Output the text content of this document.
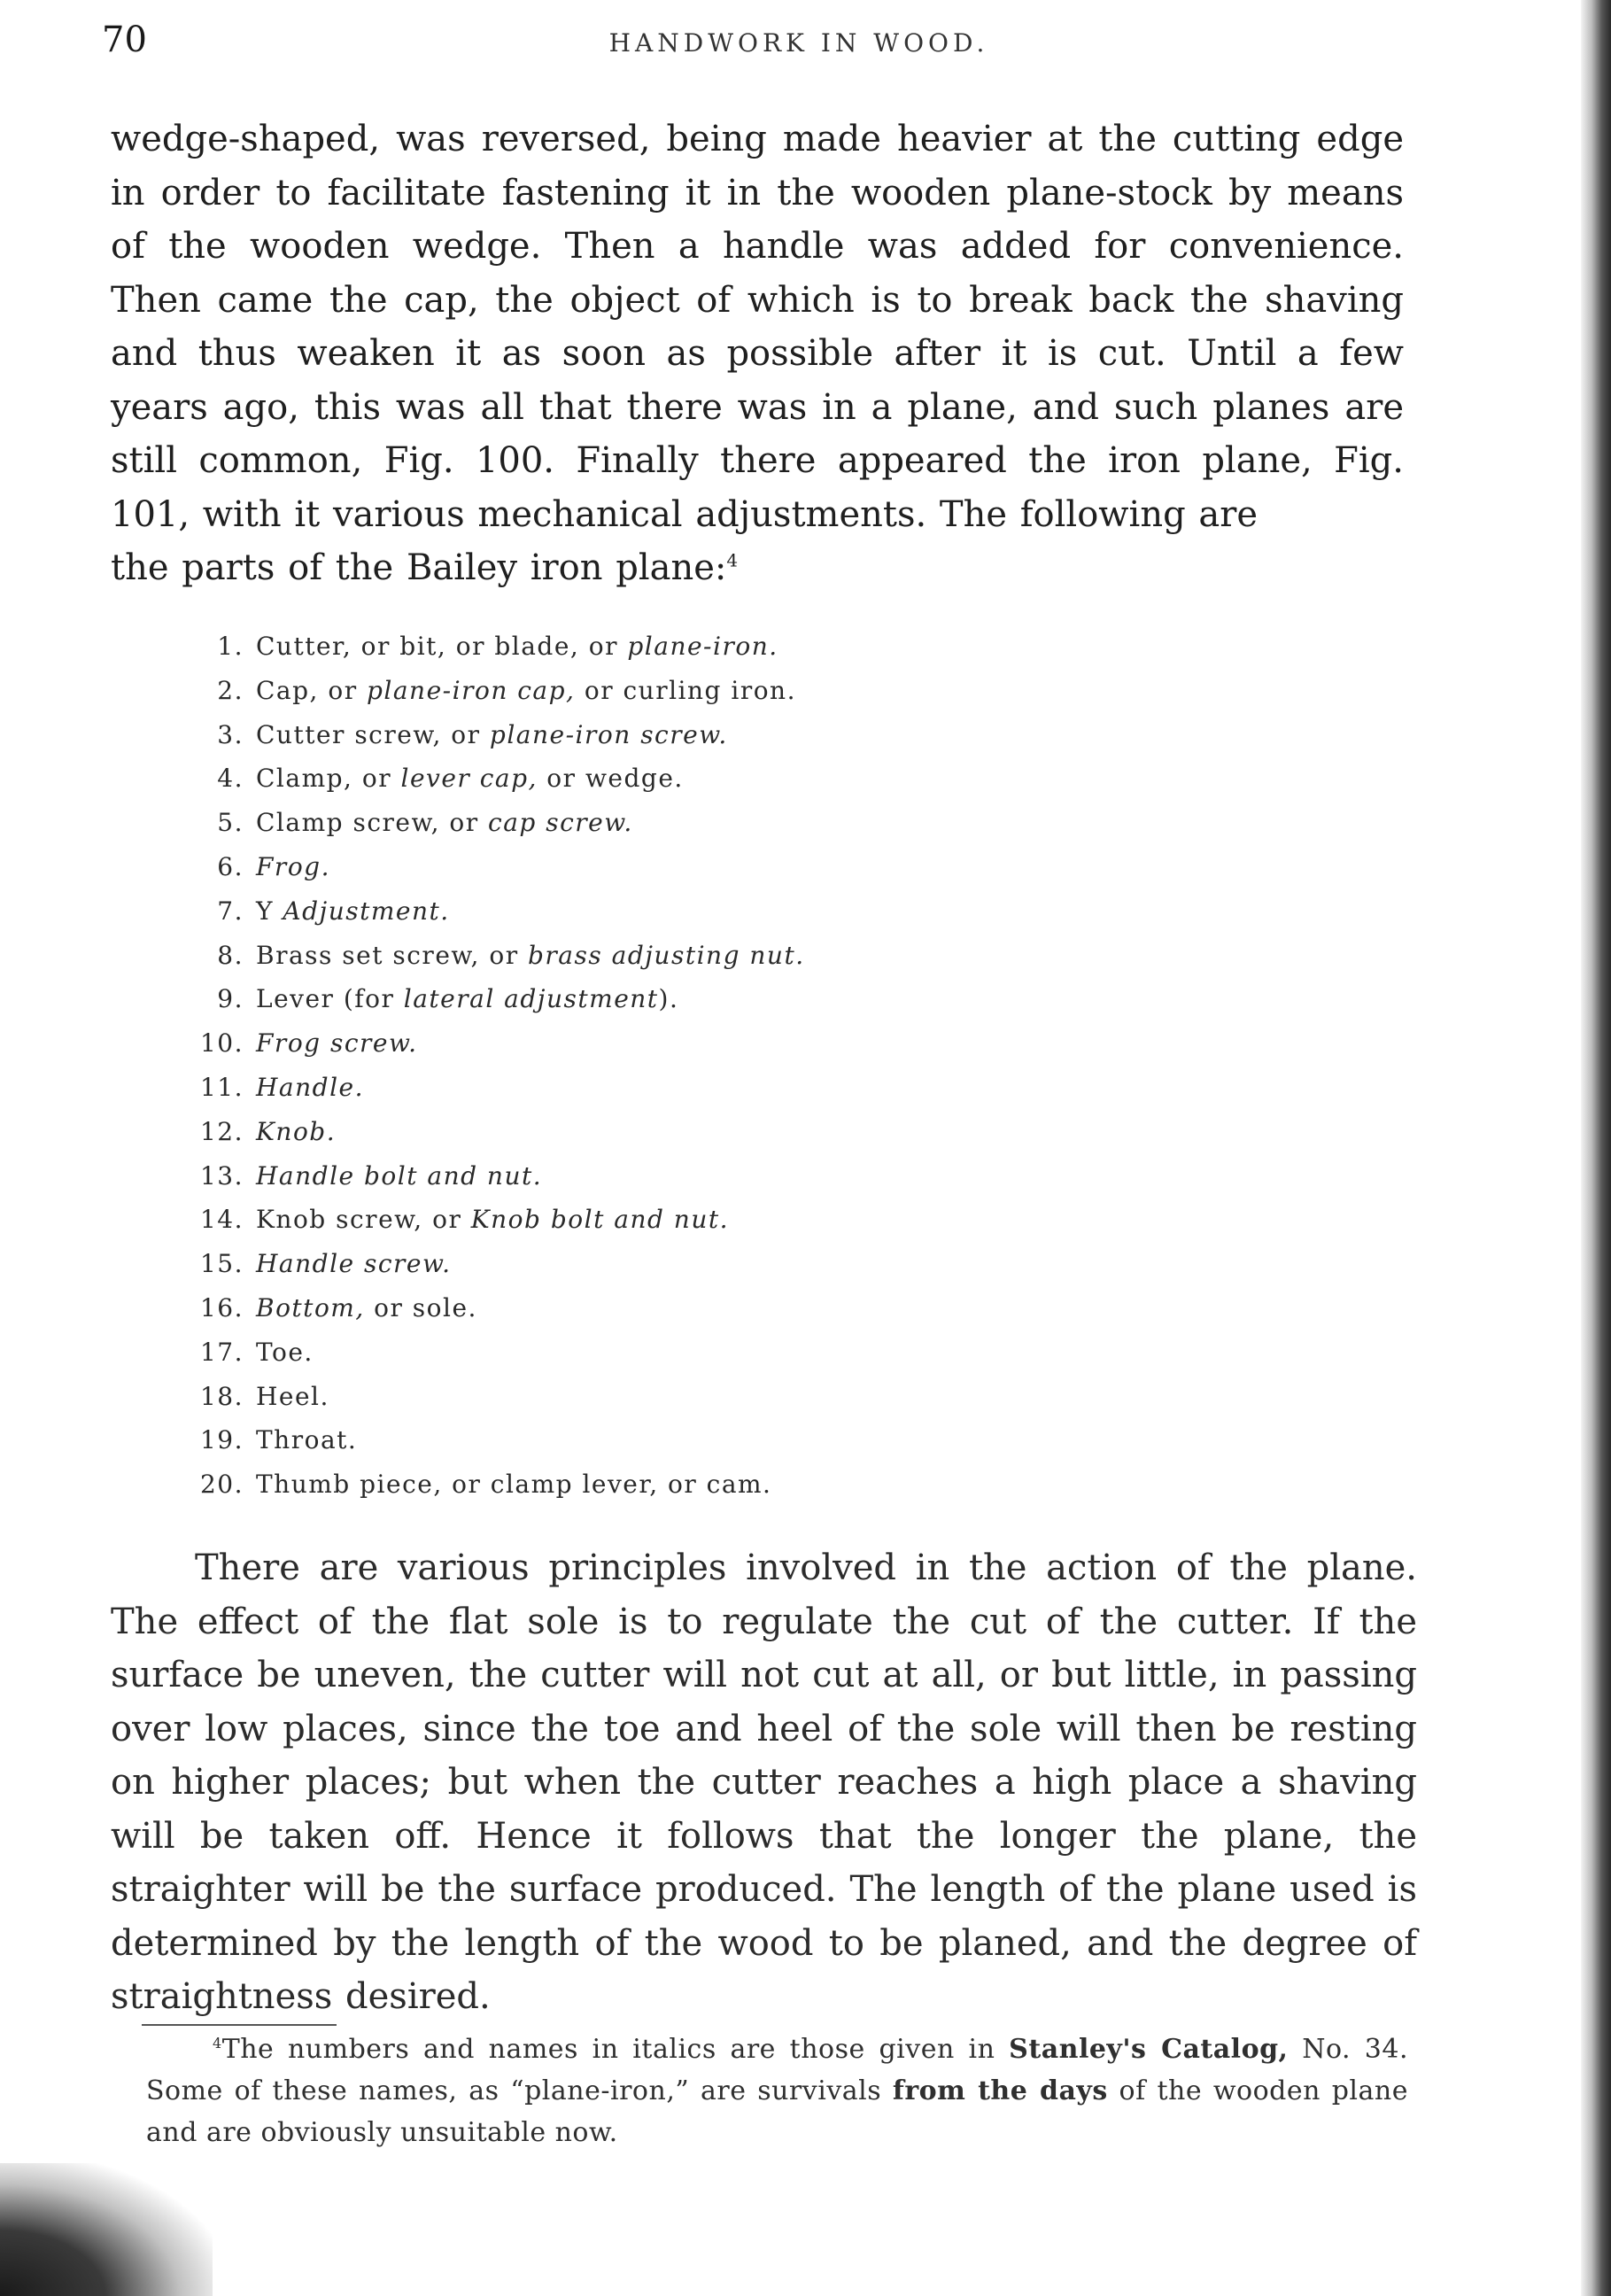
70	HANDWORK IN WOOD.
wedge-shaped, was reversed, being made heavier at the cutting edge in order to facilitate fastening it in the wooden plane-stock by means of the wooden wedge. Then a handle was added for convenience. Then came the cap, the object of which is to break back the shaving and thus weaken it as soon as possible after it is cut. Until a few years ago, this was all that there was in a plane, and such planes are still common, Fig. 100. Finally there appeared the iron plane, Fig. 101, with it various mechanical adjustments. The following are
the parts of the Bailey iron plane:$^4$
1. Cutter, or bit, or blade, or plane-iron.
2. Cap, or plane-iron cap, or curling iron.
3. Cutter screw, or plane-iron screw.
4. Clamp, or lever cap, or wedge.
5. Clamp screw, or cap screw.
6. Frog.
7. Y Adjustment.
8. Brass set screw, or brass adjusting nut.
9. Lever (for lateral adjustment).
10. Frog screw.
11. Handle.
12. Knob.
13. Handle bolt and nut.
14. Knob screw, or Knob bolt and nut.
15. Handle screw.
16. Bottom, or sole.
17. Toe.
18. Heel.
19. Throat.
20. Thumb piece, or clamp lever, or cam.
There are various principles involved in the action of the plane. The effect of the flat sole is to regulate the cut of the cutter. If the surface be uneven, the cutter will not cut at all, or but little, in passing over low places, since the toe and heel of the sole will then be resting on higher places; but when the cutter reaches a high place a shaving will be taken off. Hence it follows that the longer the plane, the straighter will be the surface produced. The length of the plane used is determined by the length of the wood to be planed, and the degree of straightness desired.
$^4$The numbers and names in italics are those given in Stanley's Catalog, No. 34. Some of these names, as “plane-iron,” are survivals from the days of the wooden plane and are obviously unsuitable now.
